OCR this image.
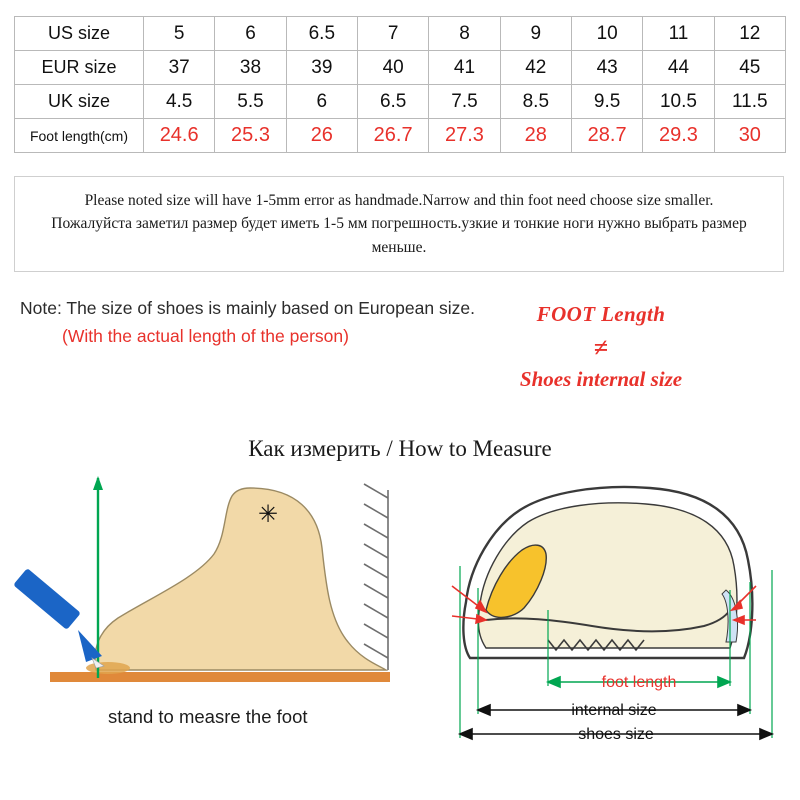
US size	5	6	6.5	7	8	9	10	11	12
EUR size	37	38	39	40	41	42	43	44	45
UK size	4.5	5.5	6	6.5	7.5	8.5	9.5	10.5	11.5
Foot length(cm)	24.6	25.3	26	26.7	27.3	28	28.7	29.3	30
Please noted size will have 1-5mm error as handmade.Narrow and thin foot need choose size smaller.
Пожалуйста заметил размер будет иметь 1-5 мм погрешность.узкие и тонкие ноги нужно выбрать размер
меньше.
Note: The size of shoes is mainly based on European size.
(With the actual length of the person)
FOOT Length
≠
Shoes internal size
Как измерить / How to Measure
✳
foot length
internal size
shoes size
stand to measre the foot
